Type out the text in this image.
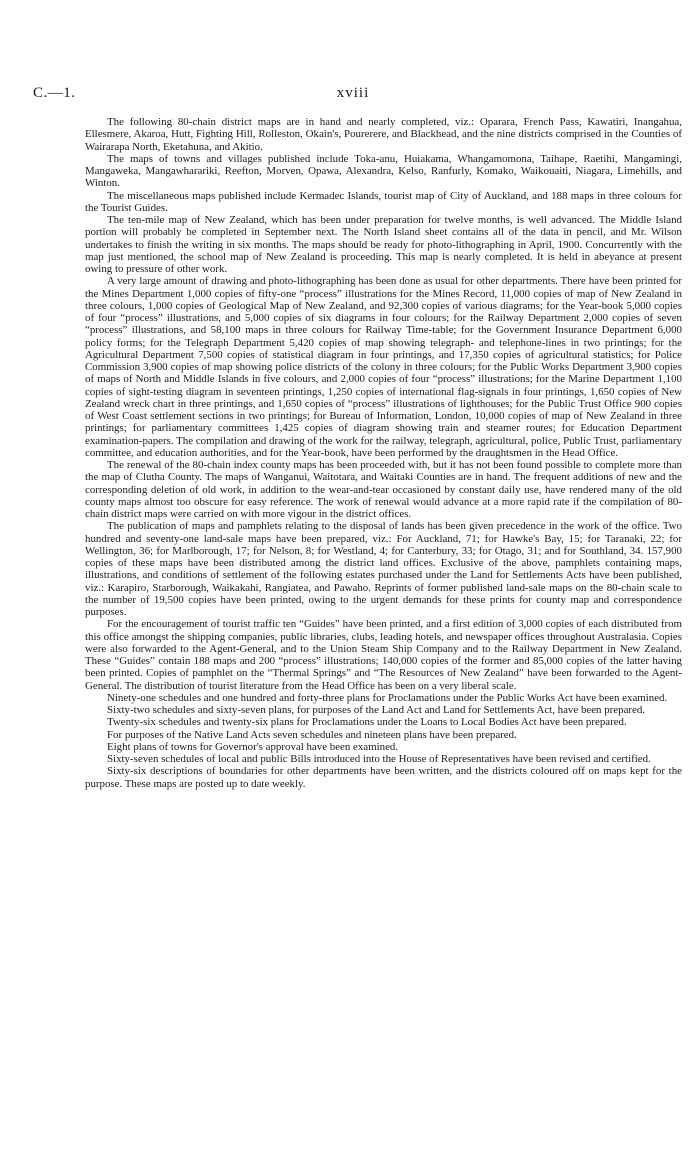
C.—1.	xviii

The following 80-chain district maps are in hand and nearly completed, viz.: Oparara, French Pass, Kawatiri, Inangahua, Ellesmere, Akaroa, Hutt, Fighting Hill, Rolleston, Okain's, Pourerere, and Blackhead, and the nine districts comprised in the Counties of Wairarapa North, Eketahuna, and Akitio.

The maps of towns and villages published include Toka-anu, Huiakama, Whangamomona, Taihape, Raetihi, Mangamingi, Mangaweka, Mangawhararikі, Reefton, Morven, Opawa, Alexandra, Kelso, Ranfurly, Komako, Waikouaiti, Niagara, Limehills, and Winton.

The miscellaneous maps published include Kermadec Islands, tourist map of City of Auckland, and 188 maps in three colours for the Tourist Guides.

The ten-mile map of New Zealand, which has been under preparation for twelve months, is well advanced. The Middle Island portion will probably be completed in September next. The North Island sheet contains all of the data in pencil, and Mr. Wilson undertakes to finish the writing in six months. The maps should be ready for photo-lithographing in April, 1900. Concurrently with the map just mentioned, the school map of New Zealand is proceeding. This map is nearly completed. It is held in abeyance at present owing to pressure of other work.

A very large amount of drawing and photo-lithographing has been done as usual for other departments. There have been printed for the Mines Department 1,000 copies of fifty-one “process” illustrations for the Mines Record, 11,000 copies of map of New Zealand in three colours, 1,000 copies of Geological Map of New Zealand, and 92,300 copies of various diagrams; for the Year-book 5,000 copies of four “process” illustrations, and 5,000 copies of six diagrams in four colours; for the Railway Department 2,000 copies of seven “process” illustrations, and 58,100 maps in three colours for Railway Time-table; for the Government Insurance Department 6,000 policy forms; for the Telegraph Department 5,420 copies of map showing telegraph- and telephone-lines in two printings; for the Agricultural Department 7,500 copies of statistical diagram in four printings, and 17,350 copies of agricultural statistics; for Police Commission 3,900 copies of map showing police districts of the colony in three colours; for the Public Works Department 3,900 copies of maps of North and Middle Islands in five colours, and 2,000 copies of four “process” illustrations; for the Marine Department 1,100 copies of sight-testing diagram in seventeen printings, 1,250 copies of international flag-signals in four printings, 1,650 copies of New Zealand wreck chart in three printings, and 1,650 copies of “process” illustrations of lighthouses; for the Public Trust Office 900 copies of West Coast settlement sections in two printings; for Bureau of Information, London, 10,000 copies of map of New Zealand in three printings; for parliamentary committees 1,425 copies of diagram showing train and steamer routes; for Education Department examination-papers. The compilation and drawing of the work for the railway, telegraph, agricultural, police, Public Trust, parliamentary committee, and education authorities, and for the Year-book, have been performed by the draughtsmen in the Head Office.

The renewal of the 80-chain index county maps has been proceeded with, but it has not been found possible to complete more than the map of Clutha County. The maps of Wanganui, Waitotara, and Waitaki Counties are in hand. The frequent additions of new and the corresponding deletion of old work, in addition to the wear-and-tear occasioned by constant daily use, have rendered many of the old county maps almost too obscure for easy reference. The work of renewal would advance at a more rapid rate if the compilation of 80-chain district maps were carried on with more vigour in the district offices.

The publication of maps and pamphlets relating to the disposal of lands has been given precedence in the work of the office. Two hundred and seventy-one land-sale maps have been prepared, viz.: For Auckland, 71; for Hawke's Bay, 15; for Taranaki, 22; for Wellington, 36; for Marlborough, 17; for Nelson, 8; for Westland, 4; for Canterbury, 33; for Otago, 31; and for Southland, 34. 157,900 copies of these maps have been distributed among the district land offices. Exclusive of the above, pamphlets containing maps, illustrations, and conditions of settlement of the following estates purchased under the Land for Settlements Acts have been published, viz.: Karapiro, Starborough, Waikakahi, Rangiatea, and Pawaho. Reprints of former published land-sale maps on the 80-chain scale to the number of 19,500 copies have been printed, owing to the urgent demands for these prints for county map and correspondence purposes.

For the encouragement of tourist traffic ten “Guides” have been printed, and a first edition of 3,000 copies of each distributed from this office amongst the shipping companies, public libraries, clubs, leading hotels, and newspaper offices throughout Australasia. Copies were also forwarded to the Agent-General, and to the Union Steam Ship Company and to the Railway Department in New Zealand. These “Guides” contain 188 maps and 200 “process” illustrations; 140,000 copies of the former and 85,000 copies of the latter having been printed. Copies of pamphlet on the “Thermal Springs” and “The Resources of New Zealand” have been forwarded to the Agent-General. The distribution of tourist literature from the Head Office has been on a very liberal scale.

Ninety-one schedules and one hundred and forty-three plans for Proclamations under the Public Works Act have been examined.

Sixty-two schedules and sixty-seven plans, for purposes of the Land Act and Land for Settlements Act, have been prepared.

Twenty-six schedules and twenty-six plans for Proclamations under the Loans to Local Bodies Act have been prepared.

For purposes of the Native Land Acts seven schedules and nineteen plans have been prepared.

Eight plans of towns for Governor's approval have been examined.

Sixty-seven schedules of local and public Bills introduced into the House of Representatives have been revised and certified.

Sixty-six descriptions of boundaries for other departments have been written, and the districts coloured off on maps kept for the purpose. These maps are posted up to date weekly.
